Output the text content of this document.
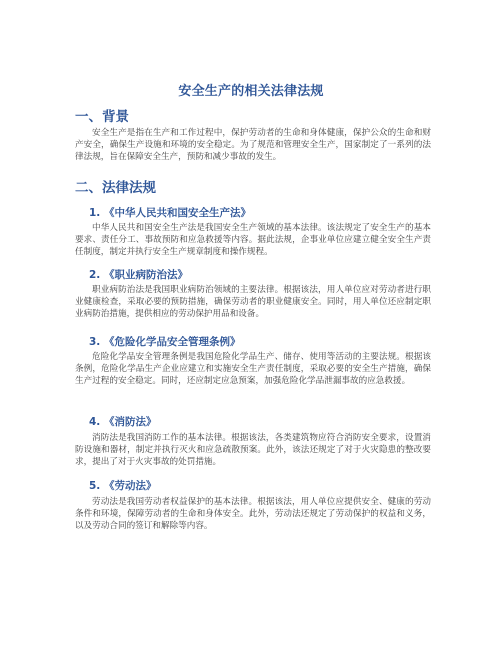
安全生产的相关法律法规
一、背景
安全生产是指在生产和工作过程中，保护劳动者的生命和身体健康，保护公众的生命和财产安全，确保生产设施和环境的安全稳定。为了规范和管理安全生产，国家制定了一系列的法律法规，旨在保障安全生产，预防和减少事故的发生。
二、法律法规
1. 《中华人民共和国安全生产法》
中华人民共和国安全生产法是我国安全生产领域的基本法律。该法规定了安全生产的基本要求、责任分工、事故预防和应急救援等内容。据此法规，企事业单位应建立健全安全生产责任制度，制定并执行安全生产规章制度和操作规程。
2. 《职业病防治法》
职业病防治法是我国职业病防治领域的主要法律。根据该法，用人单位应对劳动者进行职业健康检查，采取必要的预防措施，确保劳动者的职业健康安全。同时，用人单位还应制定职业病防治措施，提供相应的劳动保护用品和设备。
3. 《危险化学品安全管理条例》
危险化学品安全管理条例是我国危险化学品生产、储存、使用等活动的主要法规。根据该条例，危险化学品生产企业应建立和实施安全生产责任制度，采取必要的安全生产措施，确保生产过程的安全稳定。同时，还应制定应急预案，加强危险化学品泄漏事故的应急救援。
4. 《消防法》
消防法是我国消防工作的基本法律。根据该法，各类建筑物应符合消防安全要求，设置消防设施和器材，制定并执行灭火和应急疏散预案。此外，该法还规定了对于火灾隐患的整改要求，提出了对于火灾事故的处罚措施。
5. 《劳动法》
劳动法是我国劳动者权益保护的基本法律。根据该法，用人单位应提供安全、健康的劳动条件和环境，保障劳动者的生命和身体安全。此外，劳动法还规定了劳动保护的权益和义务，以及劳动合同的签订和解除等内容。
